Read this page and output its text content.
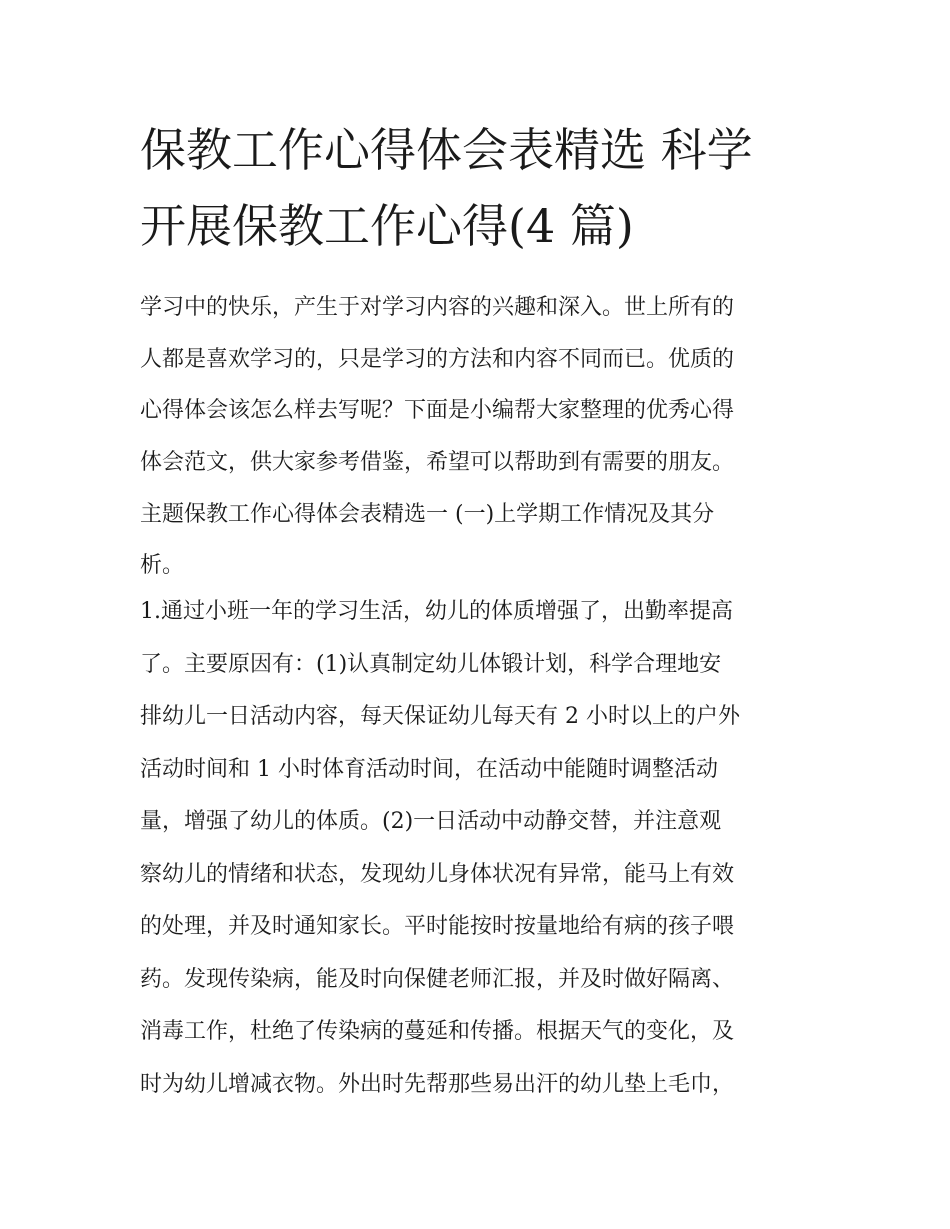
保教工作心得体会表精选 科学
开展保教工作心得(4 篇)
学习中的快乐，产生于对学习内容的兴趣和深入。世上所有的
人都是喜欢学习的，只是学习的方法和内容不同而已。优质的
心得体会该怎么样去写呢？下面是小编帮大家整理的优秀心得
体会范文，供大家参考借鉴，希望可以帮助到有需要的朋友。
主题保教工作心得体会表精选一 (一)上学期工作情况及其分
析。
1.通过小班一年的学习生活，幼儿的体质增强了，出勤率提高
了。主要原因有：(1)认真制定幼儿体锻计划，科学合理地安
排幼儿一日活动内容，每天保证幼儿每天有 2 小时以上的户外
活动时间和 1 小时体育活动时间，在活动中能随时调整活动
量，增强了幼儿的体质。(2)一日活动中动静交替，并注意观
察幼儿的情绪和状态，发现幼儿身体状况有异常，能马上有效
的处理，并及时通知家长。平时能按时按量地给有病的孩子喂
药。发现传染病，能及时向保健老师汇报，并及时做好隔离、
消毒工作，杜绝了传染病的蔓延和传播。根据天气的变化，及
时为幼儿增减衣物。外出时先帮那些易出汗的幼儿垫上毛巾，
